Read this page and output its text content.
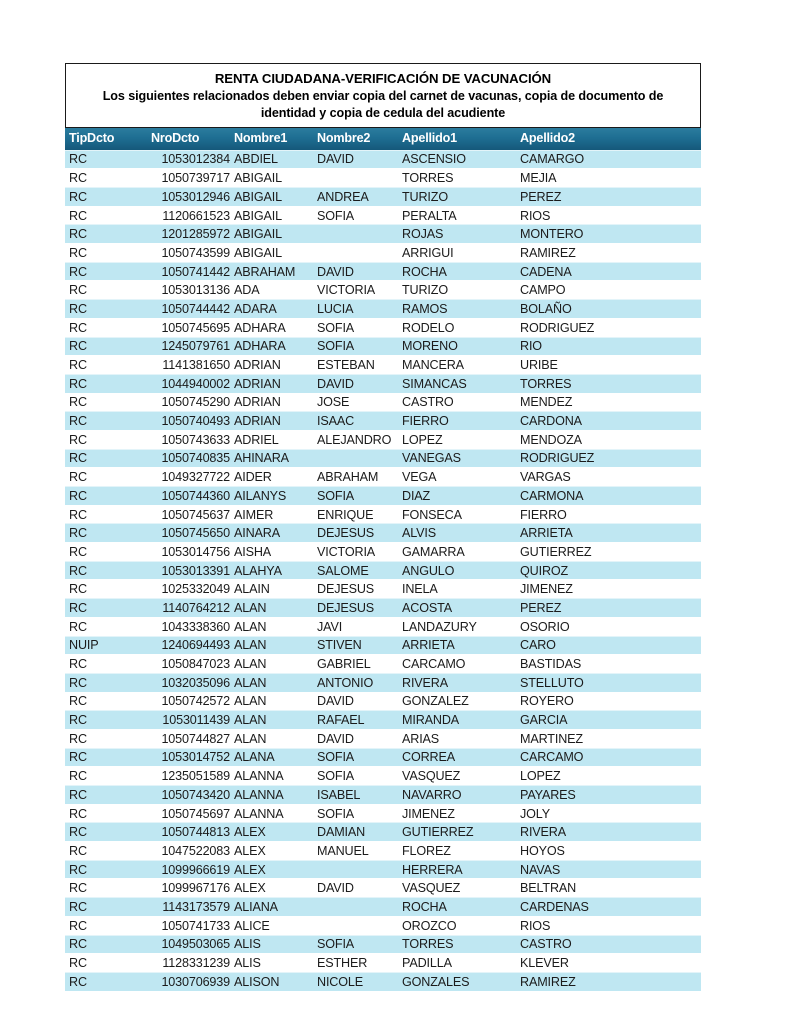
RENTA CIUDADANA-VERIFICACIÓN DE VACUNACIÓN
Los siguientes relacionados deben enviar copia del carnet de vacunas, copia de documento de identidad y copia de cedula del acudiente
TipDcto	NroDcto	Nombre1	Nombre2	Apellido1	Apellido2
RC	1053012384	ABDIEL	DAVID	ASCENSIO	CAMARGO
RC	1050739717	ABIGAIL		TORRES	MEJIA
RC	1053012946	ABIGAIL	ANDREA	TURIZO	PEREZ
RC	1120661523	ABIGAIL	SOFIA	PERALTA	RIOS
RC	1201285972	ABIGAIL		ROJAS	MONTERO
RC	1050743599	ABIGAIL		ARRIGUI	RAMIREZ
RC	1050741442	ABRAHAM	DAVID	ROCHA	CADENA
RC	1053013136	ADA	VICTORIA	TURIZO	CAMPO
RC	1050744442	ADARA	LUCIA	RAMOS	BOLAÑO
RC	1050745695	ADHARA	SOFIA	RODELO	RODRIGUEZ
RC	1245079761	ADHARA	SOFIA	MORENO	RIO
RC	1141381650	ADRIAN	ESTEBAN	MANCERA	URIBE
RC	1044940002	ADRIAN	DAVID	SIMANCAS	TORRES
RC	1050745290	ADRIAN	JOSE	CASTRO	MENDEZ
RC	1050740493	ADRIAN	ISAAC	FIERRO	CARDONA
RC	1050743633	ADRIEL	ALEJANDRO	LOPEZ	MENDOZA
RC	1050740835	AHINARA		VANEGAS	RODRIGUEZ
RC	1049327722	AIDER	ABRAHAM	VEGA	VARGAS
RC	1050744360	AILANYS	SOFIA	DIAZ	CARMONA
RC	1050745637	AIMER	ENRIQUE	FONSECA	FIERRO
RC	1050745650	AINARA	DEJESUS	ALVIS	ARRIETA
RC	1053014756	AISHA	VICTORIA	GAMARRA	GUTIERREZ
RC	1053013391	ALAHYA	SALOME	ANGULO	QUIROZ
RC	1025332049	ALAIN	DEJESUS	INELA	JIMENEZ
RC	1140764212	ALAN	DEJESUS	ACOSTA	PEREZ
RC	1043338360	ALAN	JAVI	LANDAZURY	OSORIO
NUIP	1240694493	ALAN	STIVEN	ARRIETA	CARO
RC	1050847023	ALAN	GABRIEL	CARCAMO	BASTIDAS
RC	1032035096	ALAN	ANTONIO	RIVERA	STELLUTO
RC	1050742572	ALAN	DAVID	GONZALEZ	ROYERO
RC	1053011439	ALAN	RAFAEL	MIRANDA	GARCIA
RC	1050744827	ALAN	DAVID	ARIAS	MARTINEZ
RC	1053014752	ALANA	SOFIA	CORREA	CARCAMO
RC	1235051589	ALANNA	SOFIA	VASQUEZ	LOPEZ
RC	1050743420	ALANNA	ISABEL	NAVARRO	PAYARES
RC	1050745697	ALANNA	SOFIA	JIMENEZ	JOLY
RC	1050744813	ALEX	DAMIAN	GUTIERREZ	RIVERA
RC	1047522083	ALEX	MANUEL	FLOREZ	HOYOS
RC	1099966619	ALEX		HERRERA	NAVAS
RC	1099967176	ALEX	DAVID	VASQUEZ	BELTRAN
RC	1143173579	ALIANA		ROCHA	CARDENAS
RC	1050741733	ALICE		OROZCO	RIOS
RC	1049503065	ALIS	SOFIA	TORRES	CASTRO
RC	1128331239	ALIS	ESTHER	PADILLA	KLEVER
RC	1030706939	ALISON	NICOLE	GONZALES	RAMIREZ
